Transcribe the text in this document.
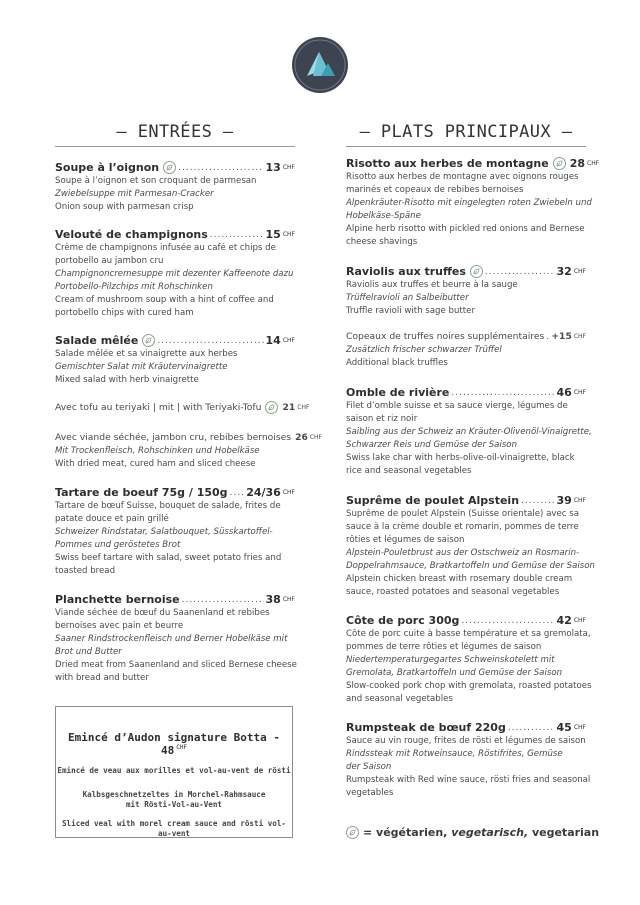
– ENTRÉES –
Soupe à l’oignon .....	13 CHF
Soupe à l’oignon et son croquant de parmesan
Zwiebelsuppe mit Parmesan-Cracker
Onion soup with parmesan crisp
Velouté de champignons .....	15 CHF
Crème de champignons infusée au café et chips de
portobello au jambon cru
Champignoncremesuppe mit dezenter Kaffeenote dazu
Portobello-Pilzchips mit Rohschinken
Cream of mushroom soup with a hint of coffee and
portobello chips with cured ham
Salade mêlée .....	14 CHF
Salade mêlée et sa vinaigrette aux herbes
Gemischter Salat mit Kräutervinaigrette
Mixed salad with herb vinaigrette
Avec tofu au teriyaki | mit | with Teriyaki-Tofu 21 CHF
Avec viande séchée, jambon cru, rebibes bernoises 26 CHF
Mit Trockenfleisch, Rohschinken und Hobelkäse
With dried meat, cured ham and sliced cheese
Tartare de boeuf 75g / 150g ..... 24/36 CHF
Tartare de bœuf Suisse, bouquet de salade, frites de
patate douce et pain grillé
Schweizer Rindstatar, Salatbouquet, Süsskartoffel-
Pommes und geröstetes Brot
Swiss beef tartare with salad, sweet potato fries and
toasted bread
Planchette bernoise .....	38 CHF
Viande séchée de bœuf du Saanenland et rebibes
bernoises avec pain et beurre
Saaner Rindstrockenfleisch und Berner Hobelkäse mit
Brot und Butter
Dried meat from Saanenland and sliced Bernese cheese
with bread and butter
– PLATS PRINCIPAUX –
Risotto aux herbes de montagne 28 CHF
Risotto aux herbes de montagne avec oignons rouges
marinés et copeaux de rebibes bernoises
Alpenkräuter-Risotto mit eingelegten roten Zwiebeln und
Hobelkäse-Späne
Alpine herb risotto with pickled red onions and Bernese
cheese shavings
Raviolis aux truffes .....	32 CHF
Raviolis aux truffes et beurre à la sauge
Trüffelravioli an Salbeibutter
Truffle ravioli with sage butter
Copeaux de truffes noires supplémentaires ..... +15 CHF
Zusätzlich frischer schwarzer Trüffel
Additional black truffles
Omble de rivière .....	46 CHF
Filet d’omble suisse et sa sauce vierge, légumes de
saison et riz noir
Saibling aus der Schweiz an Kräuter-Olivenöl-Vinaigrette,
Schwarzer Reis und Gemüse der Saison
Swiss lake char with herbs-olive-oil-vinaigrette, black
rice and seasonal vegetables
Suprême de poulet Alpstein .....	39 CHF
Suprême de poulet Alpstein (Suisse orientale) avec sa
sauce à la crème double et romarin, pommes de terre
rôties et légumes de saison
Alpstein-Pouletbrust aus der Ostschweiz an Rosmarin-
Doppelrahmsauce, Bratkartoffeln und Gemüse der Saison
Alpstein chicken breast with rosemary double cream
sauce, roasted potatoes and seasonal vegetables
Côte de porc 300g .....	42 CHF
Côte de porc cuite à basse température et sa gremolata,
pommes de terre rôties et légumes de saison
Niedertemperaturgegartes Schweinskotelett mit
Gremolata, Bratkartoffeln und Gemüse der Saison
Slow-cooked pork chop with gremolata, roasted potatoes
and seasonal vegetables
Rumpsteak de bœuf 220g .....	45 CHF
Sauce au vin rouge, frites de rösti et légumes de saison
Rindssteak mit Rotweinsauce, Röstifrites, Gemüse
der Saison
Rumpsteak with Red wine sauce, rösti fries and seasonal
vegetables
Emincé d’Audon signature Botta - 48 $^{CHF}$
Emincé de veau aux morilles et vol-au-vent de rösti
Kalbsgeschnetzeltes in Morchel-Rahmsauce
mit Rösti-Vol-au-Vent
Sliced veal with morel cream sauce and rösti vol-au-vent	= végétarien, vegetarisch, vegetarian
